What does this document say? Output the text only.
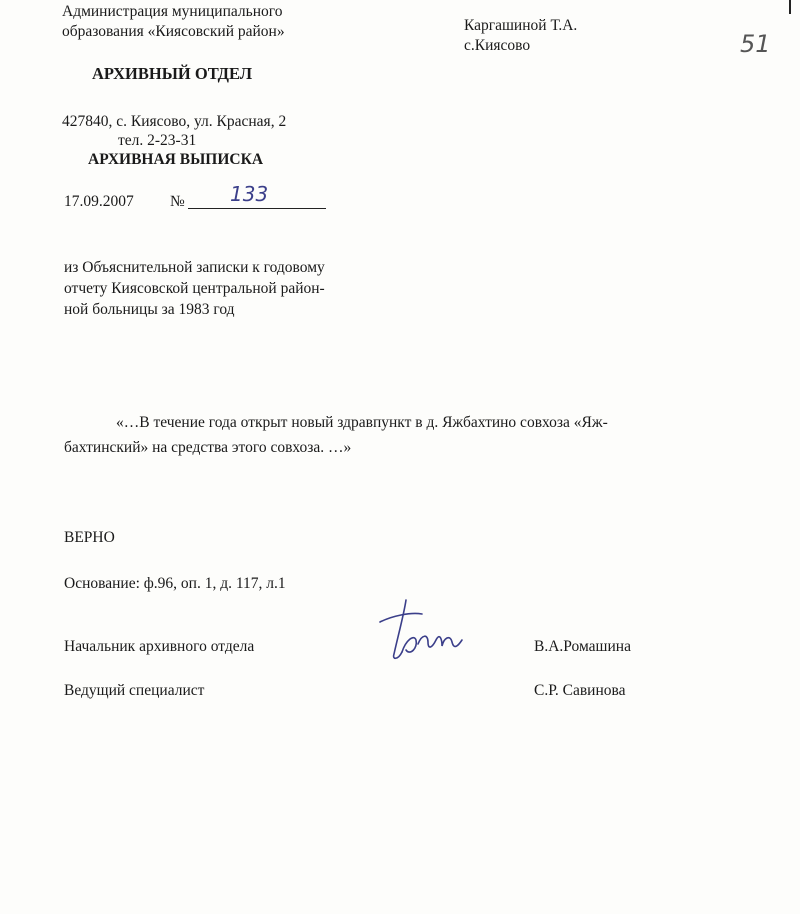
Администрация муниципального
образования «Киясовский район»
АРХИВНЫЙ ОТДЕЛ
427840, с. Киясово, ул. Красная, 2
тел. 2-23-31
Каргашиной Т.А.
с.Киясово	51
АРХИВНАЯ ВЫПИСКА
17.09.2007 № 133
из Объяснительной записки к годовому
отчету Киясовской центральной район-
ной больницы за 1983 год
«…В течение года открыт новый здравпункт в д. Яжбахтино совхоза «Яж-
бахтинский» на средства этого совхоза. …»
ВЕРНО
Основание: ф.96, оп. 1, д. 117, л.1
Начальник архивного отдела	В.А.Ромашина
Ведущий специалист	С.Р. Савинова
